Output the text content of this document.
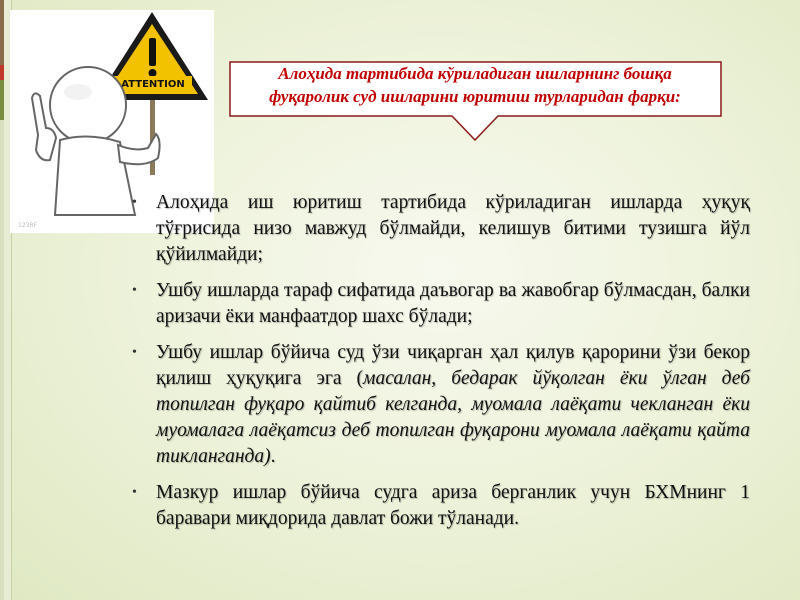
ATTENTION
123RF
Алоҳида тартибида кўриладиган ишларнинг бошқа фуқаролик суд ишларини юритиш турларидан фарқи:
• Алоҳида иш юритиш тартибида кўриладиган ишларда ҳуқуқ тўғрисида низо мавжуд бўлмайди, келишув битими тузишга йўл қўйилмайди;
• Ушбу ишларда тараф сифатида даъвогар ва жавобгар бўлмасдан, балки аризачи ёки манфаатдор шахс бўлади;
• Ушбу ишлар бўйича суд ўзи чиқарган ҳал қилув қарорини ўзи бекор қилиш ҳуқуқига эга (масалан, бедарак йўқолган ёки ўлган деб топилган фуқаро қайтиб келганда, муомала лаёқати чекланган ёки муомалага лаёқатсиз деб топилган фуқарони муомала лаёқати қайта тикланганда).
• Мазкур ишлар бўйича судга ариза берганлик учун БХМнинг 1 баравари миқдорида давлат божи тўланади.
